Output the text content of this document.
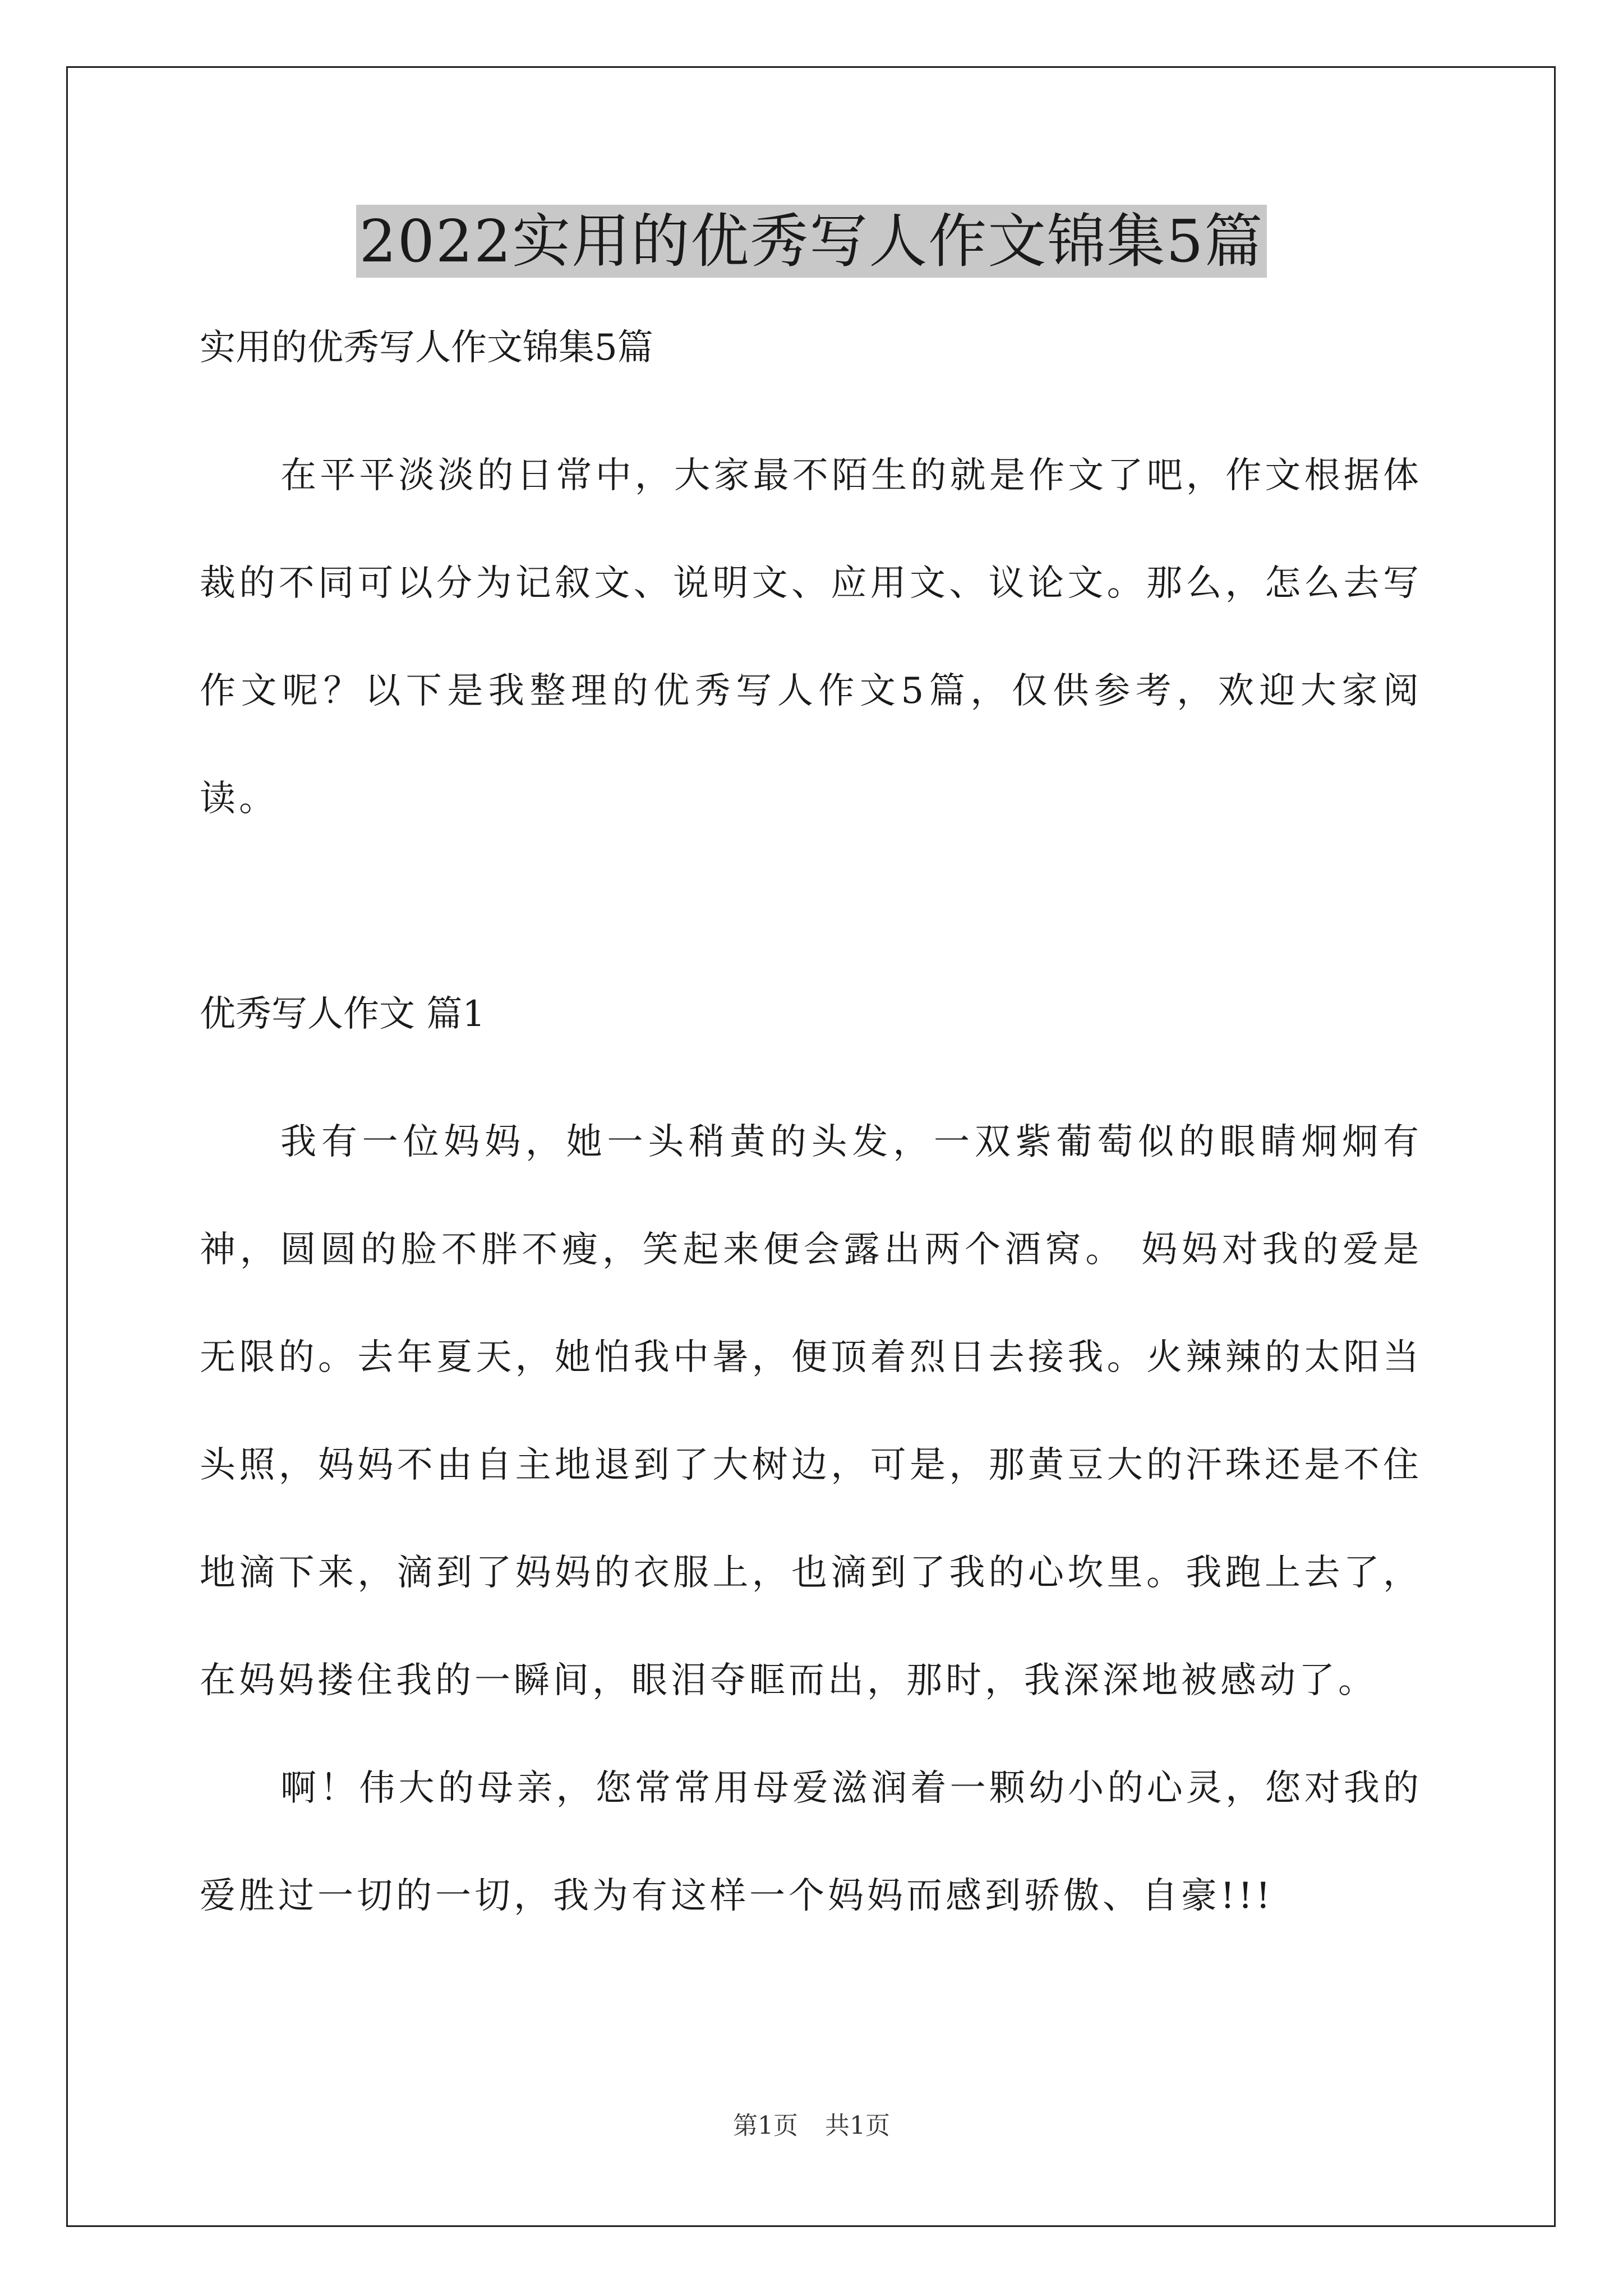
2022实用的优秀写人作文锦集5篇

实用的优秀写人作文锦集5篇

在平平淡淡的日常中，大家最不陌生的就是作文了吧，作文根据体裁的不同可以分为记叙文、说明文、应用文、议论文。那么，怎么去写作文呢？以下是我整理的优秀写人作文5篇，仅供参考，欢迎大家阅读。

优秀写人作文 篇1

我有一位妈妈，她一头稍黄的头发，一双紫葡萄似的眼睛炯炯有神，圆圆的脸不胖不瘦，笑起来便会露出两个酒窝。 妈妈对我的爱是无限的。去年夏天，她怕我中暑，便顶着烈日去接我。火辣辣的太阳当头照，妈妈不由自主地退到了大树边，可是，那黄豆大的汗珠还是不住地滴下来，滴到了妈妈的衣服上，也滴到了我的心坎里。我跑上去了，在妈妈搂住我的一瞬间，眼泪夺眶而出，那时，我深深地被感动了。

啊！伟大的母亲，您常常用母爱滋润着一颗幼小的心灵，您对我的爱胜过一切的一切，我为有这样一个妈妈而感到骄傲、自豪!!!

第1页 共1页
